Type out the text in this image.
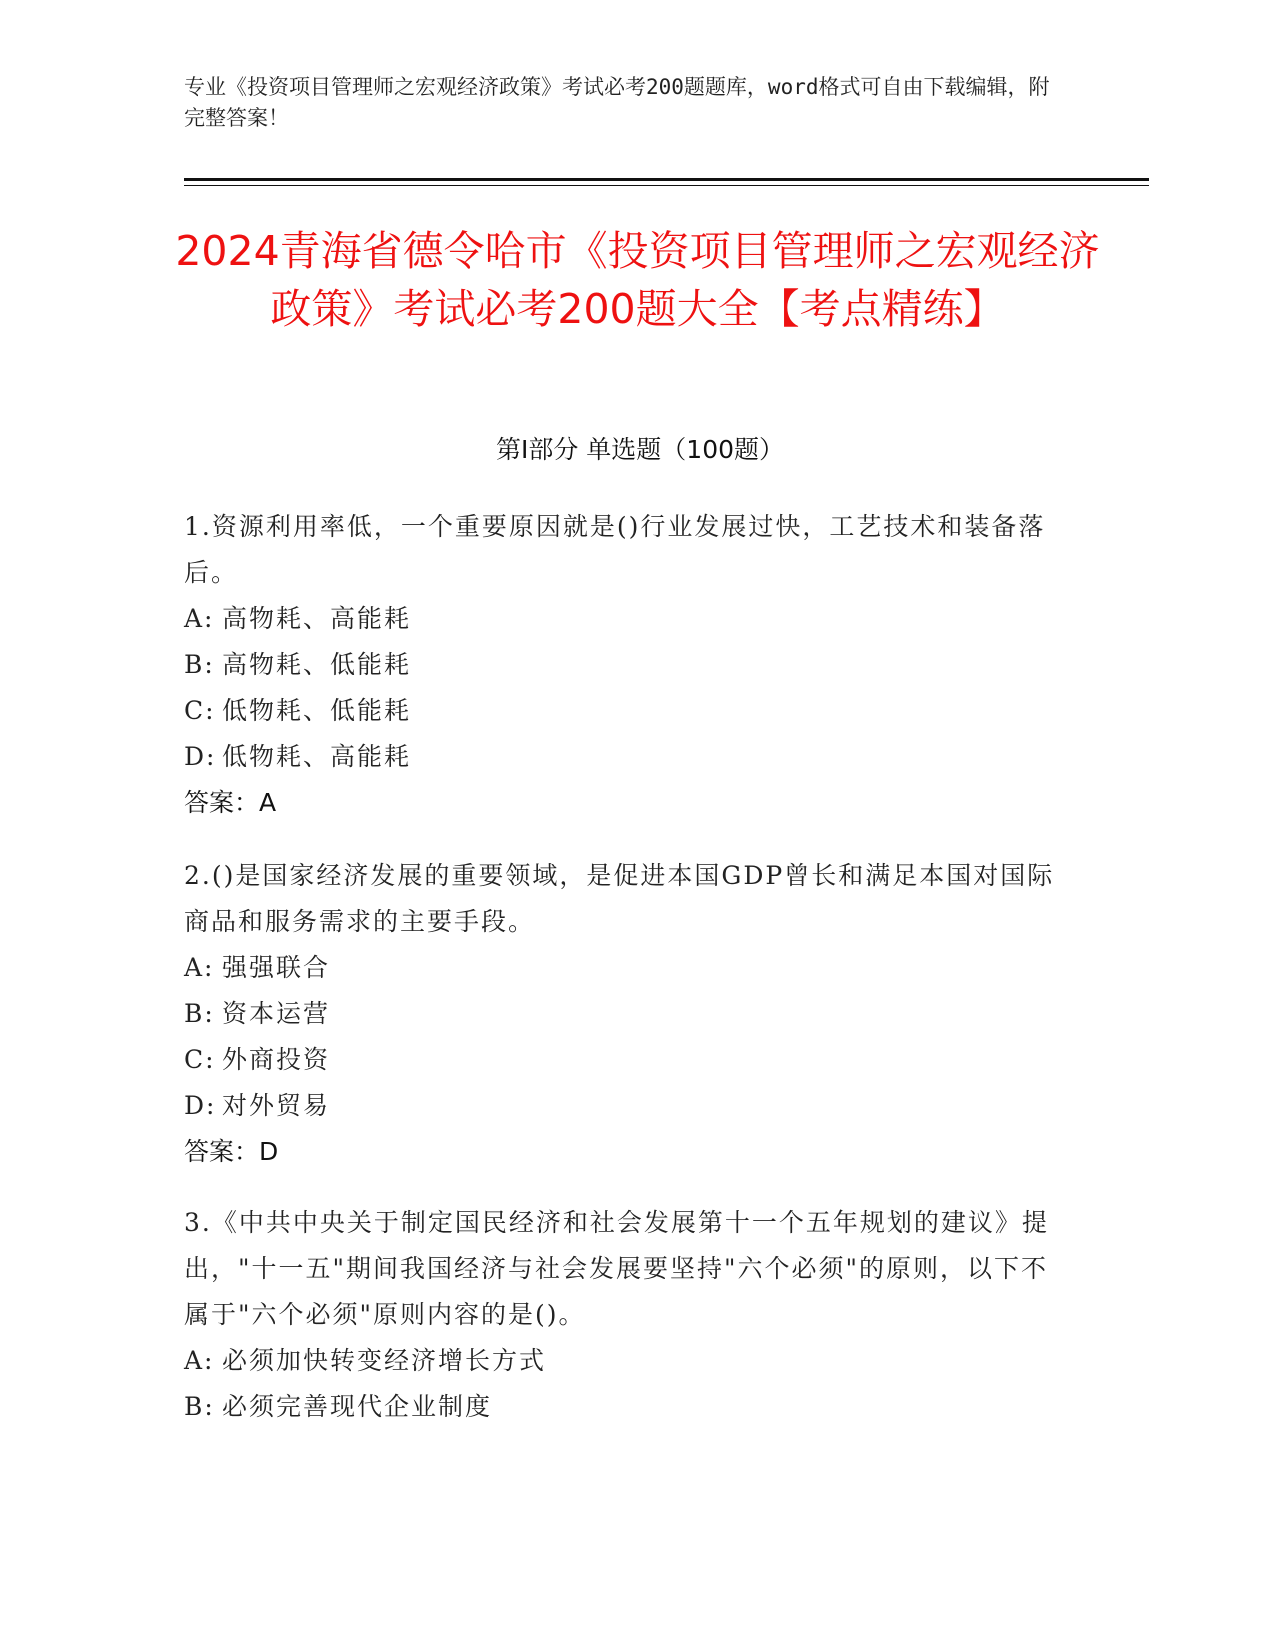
专业《投资项目管理师之宏观经济政策》考试必考200题题库，word格式可自由下载编辑，附完整答案！
2024青海省德令哈市《投资项目管理师之宏观经济政策》考试必考200题大全【考点精练】
第I部分 单选题（100题）
1.资源利用率低，一个重要原因就是()行业发展过快，工艺技术和装备落后。
A: 高物耗、高能耗
B: 高物耗、低能耗
C: 低物耗、低能耗
D: 低物耗、高能耗
答案：A
2.()是国家经济发展的重要领域，是促进本国GDP曾长和满足本国对国际商品和服务需求的主要手段。
A: 强强联合
B: 资本运营
C: 外商投资
D: 对外贸易
答案：D
3.《中共中央关于制定国民经济和社会发展第十一个五年规划的建议》提出，"十一五"期间我国经济与社会发展要坚持"六个必须"的原则，以下不属于"六个必须"原则内容的是()。
A: 必须加快转变经济增长方式
B: 必须完善现代企业制度
